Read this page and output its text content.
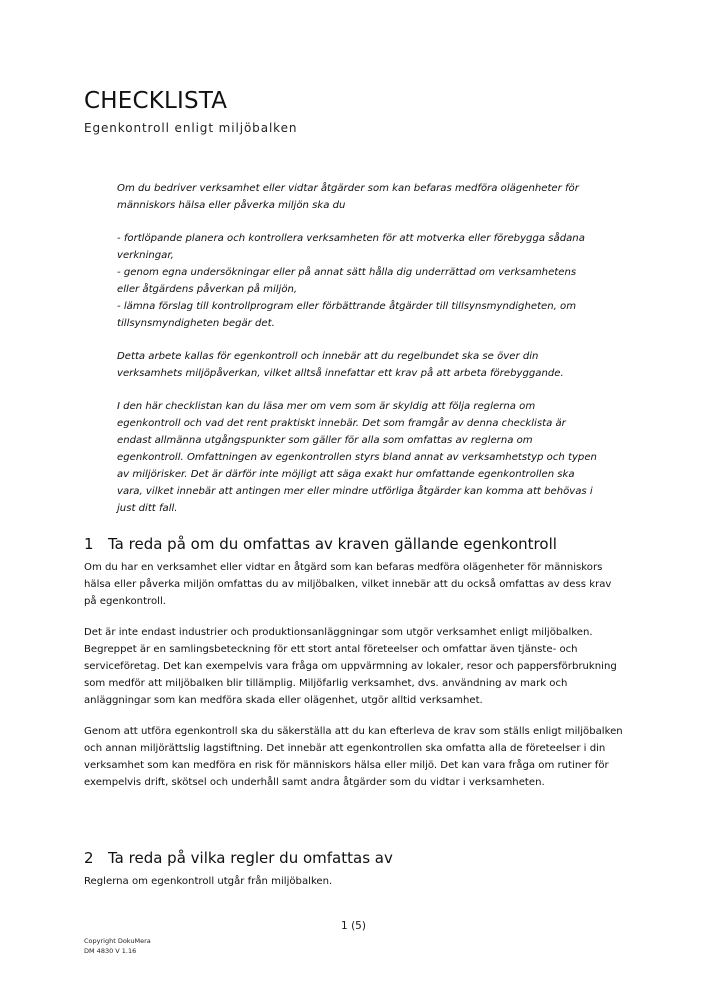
CHECKLISTA
Egenkontroll enligt miljöbalken

Om du bedriver verksamhet eller vidtar åtgärder som kan befaras medföra olägenheter för människors hälsa eller påverka miljön ska du

- fortlöpande planera och kontrollera verksamheten för att motverka eller förebygga sådana verkningar,
- genom egna undersökningar eller på annat sätt hålla dig underrättad om verksamhetens eller åtgärdens påverkan på miljön,
- lämna förslag till kontrollprogram eller förbättrande åtgärder till tillsynsmyndigheten, om tillsynsmyndigheten begär det.

Detta arbete kallas för egenkontroll och innebär att du regelbundet ska se över din verksamhets miljöpåverkan, vilket alltså innefattar ett krav på att arbeta förebyggande.

I den här checklistan kan du läsa mer om vem som är skyldig att följa reglerna om egenkontroll och vad det rent praktiskt innebär. Det som framgår av denna checklista är endast allmänna utgångspunkter som gäller för alla som omfattas av reglerna om egenkontroll. Omfattningen av egenkontrollen styrs bland annat av verksamhetstyp och typen av miljörisker. Det är därför inte möjligt att säga exakt hur omfattande egenkontrollen ska vara, vilket innebär att antingen mer eller mindre utförliga åtgärder kan komma att behövas i just ditt fall.

1 Ta reda på om du omfattas av kraven gällande egenkontroll

Om du har en verksamhet eller vidtar en åtgärd som kan befaras medföra olägenheter för människors hälsa eller påverka miljön omfattas du av miljöbalken, vilket innebär att du också omfattas av dess krav på egenkontroll.

Det är inte endast industrier och produktionsanläggningar som utgör verksamhet enligt miljöbalken. Begreppet är en samlingsbeteckning för ett stort antal företeelser och omfattar även tjänste- och serviceföretag. Det kan exempelvis vara fråga om uppvärmning av lokaler, resor och pappersförbrukning som medför att miljöbalken blir tillämplig. Miljöfarlig verksamhet, dvs. användning av mark och anläggningar som kan medföra skada eller olägenhet, utgör alltid verksamhet.

Genom att utföra egenkontroll ska du säkerställa att du kan efterleva de krav som ställs enligt miljöbalken och annan miljörättslig lagstiftning. Det innebär att egenkontrollen ska omfatta alla de företeelser i din verksamhet som kan medföra en risk för människors hälsa eller miljö. Det kan vara fråga om rutiner för exempelvis drift, skötsel och underhåll samt andra åtgärder som du vidtar i verksamheten.

2 Ta reda på vilka regler du omfattas av

Reglerna om egenkontroll utgår från miljöbalken.

1 (5)
Copyright DokuMera
DM 4830 V 1.16
